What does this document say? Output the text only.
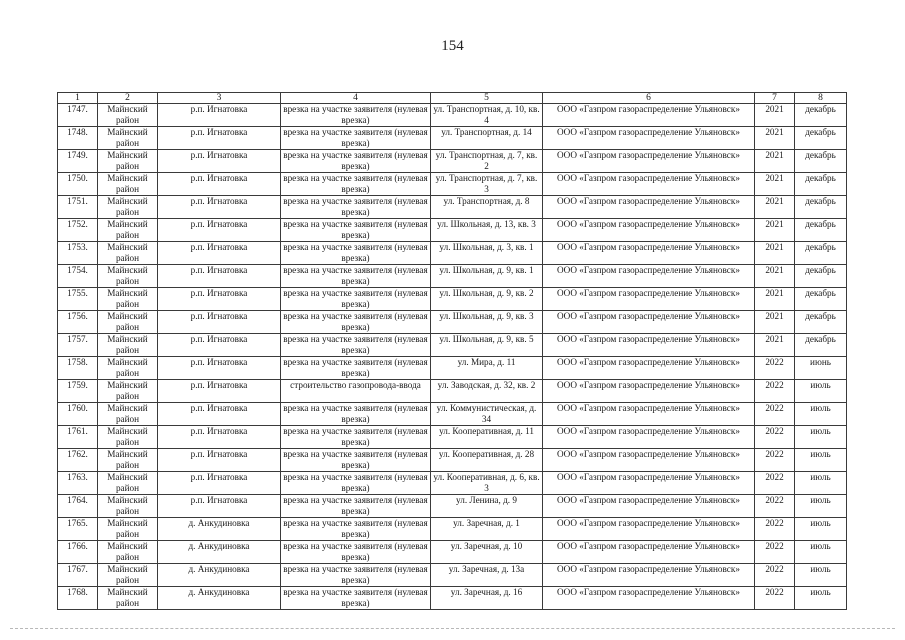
154
1	2	3	4	5	6	7	8
1747.	Майнский район	р.п. Игнатовка	врезка на участке заявителя (нулевая врезка)	ул. Транспортная, д. 10, кв. 4	ООО «Газпром газораспределение Ульяновск»	2021	декабрь
1748.	Майнский район	р.п. Игнатовка	врезка на участке заявителя (нулевая врезка)	ул. Транспортная, д. 14	ООО «Газпром газораспределение Ульяновск»	2021	декабрь
1749.	Майнский район	р.п. Игнатовка	врезка на участке заявителя (нулевая врезка)	ул. Транспортная, д. 7, кв. 2	ООО «Газпром газораспределение Ульяновск»	2021	декабрь
1750.	Майнский район	р.п. Игнатовка	врезка на участке заявителя (нулевая врезка)	ул. Транспортная, д. 7, кв. 3	ООО «Газпром газораспределение Ульяновск»	2021	декабрь
1751.	Майнский район	р.п. Игнатовка	врезка на участке заявителя (нулевая врезка)	ул. Транспортная, д. 8	ООО «Газпром газораспределение Ульяновск»	2021	декабрь
1752.	Майнский район	р.п. Игнатовка	врезка на участке заявителя (нулевая врезка)	ул. Школьная, д. 13, кв. 3	ООО «Газпром газораспределение Ульяновск»	2021	декабрь
1753.	Майнский район	р.п. Игнатовка	врезка на участке заявителя (нулевая врезка)	ул. Школьная, д. 3, кв. 1	ООО «Газпром газораспределение Ульяновск»	2021	декабрь
1754.	Майнский район	р.п. Игнатовка	врезка на участке заявителя (нулевая врезка)	ул. Школьная, д. 9, кв. 1	ООО «Газпром газораспределение Ульяновск»	2021	декабрь
1755.	Майнский район	р.п. Игнатовка	врезка на участке заявителя (нулевая врезка)	ул. Школьная, д. 9, кв. 2	ООО «Газпром газораспределение Ульяновск»	2021	декабрь
1756.	Майнский район	р.п. Игнатовка	врезка на участке заявителя (нулевая врезка)	ул. Школьная, д. 9, кв. 3	ООО «Газпром газораспределение Ульяновск»	2021	декабрь
1757.	Майнский район	р.п. Игнатовка	врезка на участке заявителя (нулевая врезка)	ул. Школьная, д. 9, кв. 5	ООО «Газпром газораспределение Ульяновск»	2021	декабрь
1758.	Майнский район	р.п. Игнатовка	врезка на участке заявителя (нулевая врезка)	ул. Мира, д. 11	ООО «Газпром газораспределение Ульяновск»	2022	июнь
1759.	Майнский район	р.п. Игнатовка	строительство газопровода-ввода	ул. Заводская, д. 32, кв. 2	ООО «Газпром газораспределение Ульяновск»	2022	июль
1760.	Майнский район	р.п. Игнатовка	врезка на участке заявителя (нулевая врезка)	ул. Коммунистическая, д. 34	ООО «Газпром газораспределение Ульяновск»	2022	июль
1761.	Майнский район	р.п. Игнатовка	врезка на участке заявителя (нулевая врезка)	ул. Кооперативная, д. 11	ООО «Газпром газораспределение Ульяновск»	2022	июль
1762.	Майнский район	р.п. Игнатовка	врезка на участке заявителя (нулевая врезка)	ул. Кооперативная, д. 28	ООО «Газпром газораспределение Ульяновск»	2022	июль
1763.	Майнский район	р.п. Игнатовка	врезка на участке заявителя (нулевая врезка)	ул. Кооперативная, д. 6, кв. 3	ООО «Газпром газораспределение Ульяновск»	2022	июль
1764.	Майнский район	р.п. Игнатовка	врезка на участке заявителя (нулевая врезка)	ул. Ленина, д. 9	ООО «Газпром газораспределение Ульяновск»	2022	июль
1765.	Майнский район	д. Анкудиновка	врезка на участке заявителя (нулевая врезка)	ул. Заречная, д. 1	ООО «Газпром газораспределение Ульяновск»	2022	июль
1766.	Майнский район	д. Анкудиновка	врезка на участке заявителя (нулевая врезка)	ул. Заречная, д. 10	ООО «Газпром газораспределение Ульяновск»	2022	июль
1767.	Майнский район	д. Анкудиновка	врезка на участке заявителя (нулевая врезка)	ул. Заречная, д. 13а	ООО «Газпром газораспределение Ульяновск»	2022	июль
1768.	Майнский район	д. Анкудиновка	врезка на участке заявителя (нулевая врезка)	ул. Заречная, д. 16	ООО «Газпром газораспределение Ульяновск»	2022	июль
